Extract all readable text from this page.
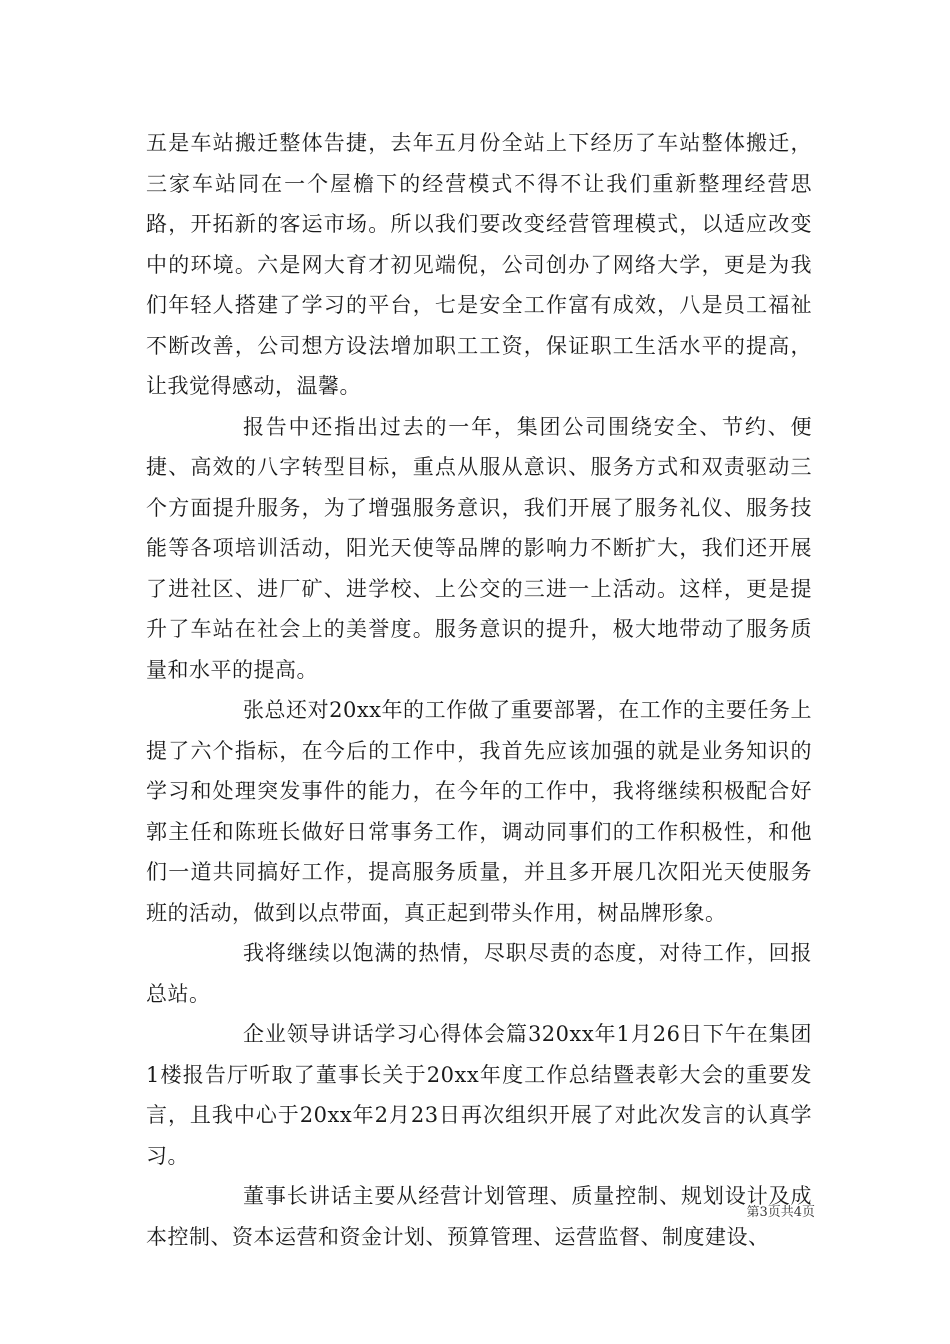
五是车站搬迁整体告捷，去年五月份全站上下经历了车站整体搬迁，三家车站同在一个屋檐下的经营模式不得不让我们重新整理经营思路，开拓新的客运市场。所以我们要改变经营管理模式，以适应改变中的环境。六是网大育才初见端倪，公司创办了网络大学，更是为我们年轻人搭建了学习的平台，七是安全工作富有成效，八是员工福祉不断改善，公司想方设法增加职工工资，保证职工生活水平的提高，让我觉得感动，温馨。

报告中还指出过去的一年，集团公司围绕安全、节约、便捷、高效的八字转型目标，重点从服从意识、服务方式和双责驱动三个方面提升服务，为了增强服务意识，我们开展了服务礼仪、服务技能等各项培训活动，阳光天使等品牌的影响力不断扩大，我们还开展了进社区、进厂矿、进学校、上公交的三进一上活动。这样，更是提升了车站在社会上的美誉度。服务意识的提升，极大地带动了服务质量和水平的提高。

张总还对20xx年的工作做了重要部署，在工作的主要任务上提了六个指标，在今后的工作中，我首先应该加强的就是业务知识的学习和处理突发事件的能力，在今年的工作中，我将继续积极配合好郭主任和陈班长做好日常事务工作，调动同事们的工作积极性，和他们一道共同搞好工作，提高服务质量，并且多开展几次阳光天使服务班的活动，做到以点带面，真正起到带头作用，树品牌形象。

我将继续以饱满的热情，尽职尽责的态度，对待工作，回报总站。

企业领导讲话学习心得体会篇320xx年1月26日下午在集团1楼报告厅听取了董事长关于20xx年度工作总结暨表彰大会的重要发言，且我中心于20xx年2月23日再次组织开展了对此次发言的认真学习。

董事长讲话主要从经营计划管理、质量控制、规划设计及成本控制、资本运营和资金计划、预算管理、运营监督、制度建设、

第3页共4页
